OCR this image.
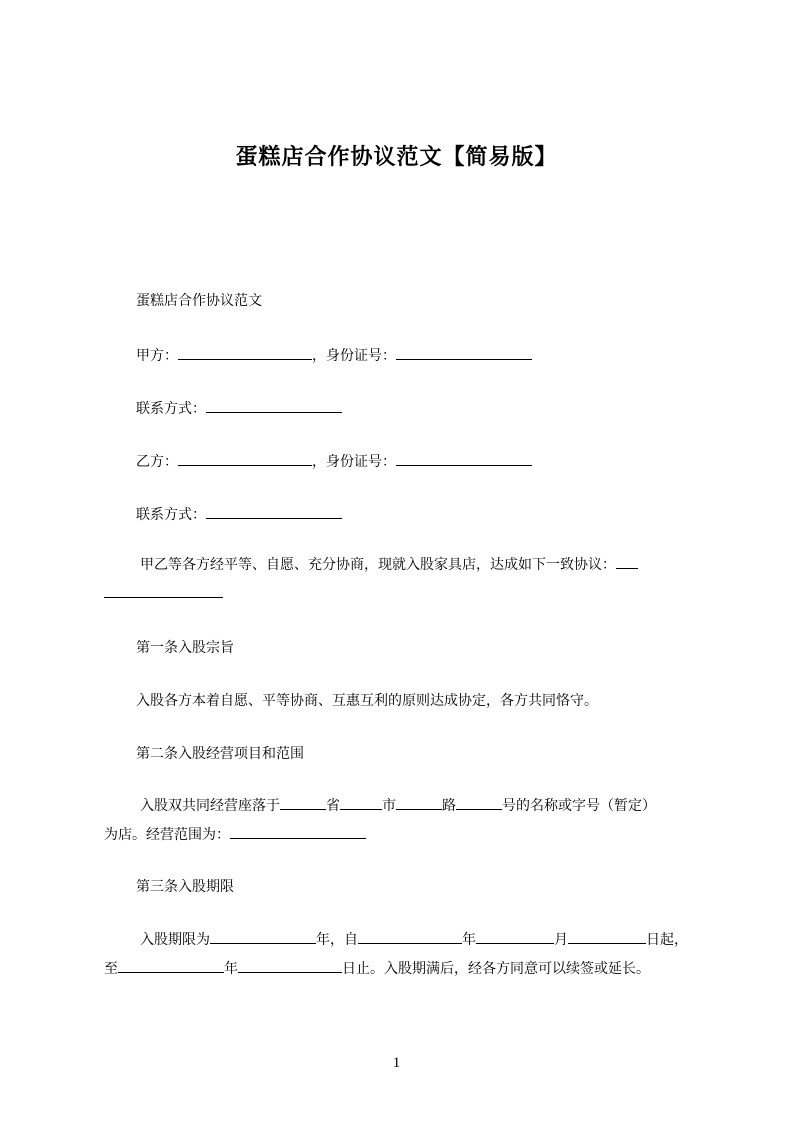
蛋糕店合作协议范文【简易版】
蛋糕店合作协议范文
甲方：	，身份证号：
联系方式：
乙方：	，身份证号：
联系方式：
甲乙等各方经平等、自愿、充分协商，现就入股家具店，达成如下一致协议：
第一条入股宗旨
入股各方本着自愿、平等协商、互惠互利的原则达成协定，各方共同恪守。
第二条入股经营项目和范围
入股双共同经营座落于	省	市	路	号的名称或字号（暂定）
为店。经营范围为：
第三条入股期限
入股期限为	年，自	年	月	日起，
至	年	日止。入股期满后，经各方同意可以续签或延长。
1
